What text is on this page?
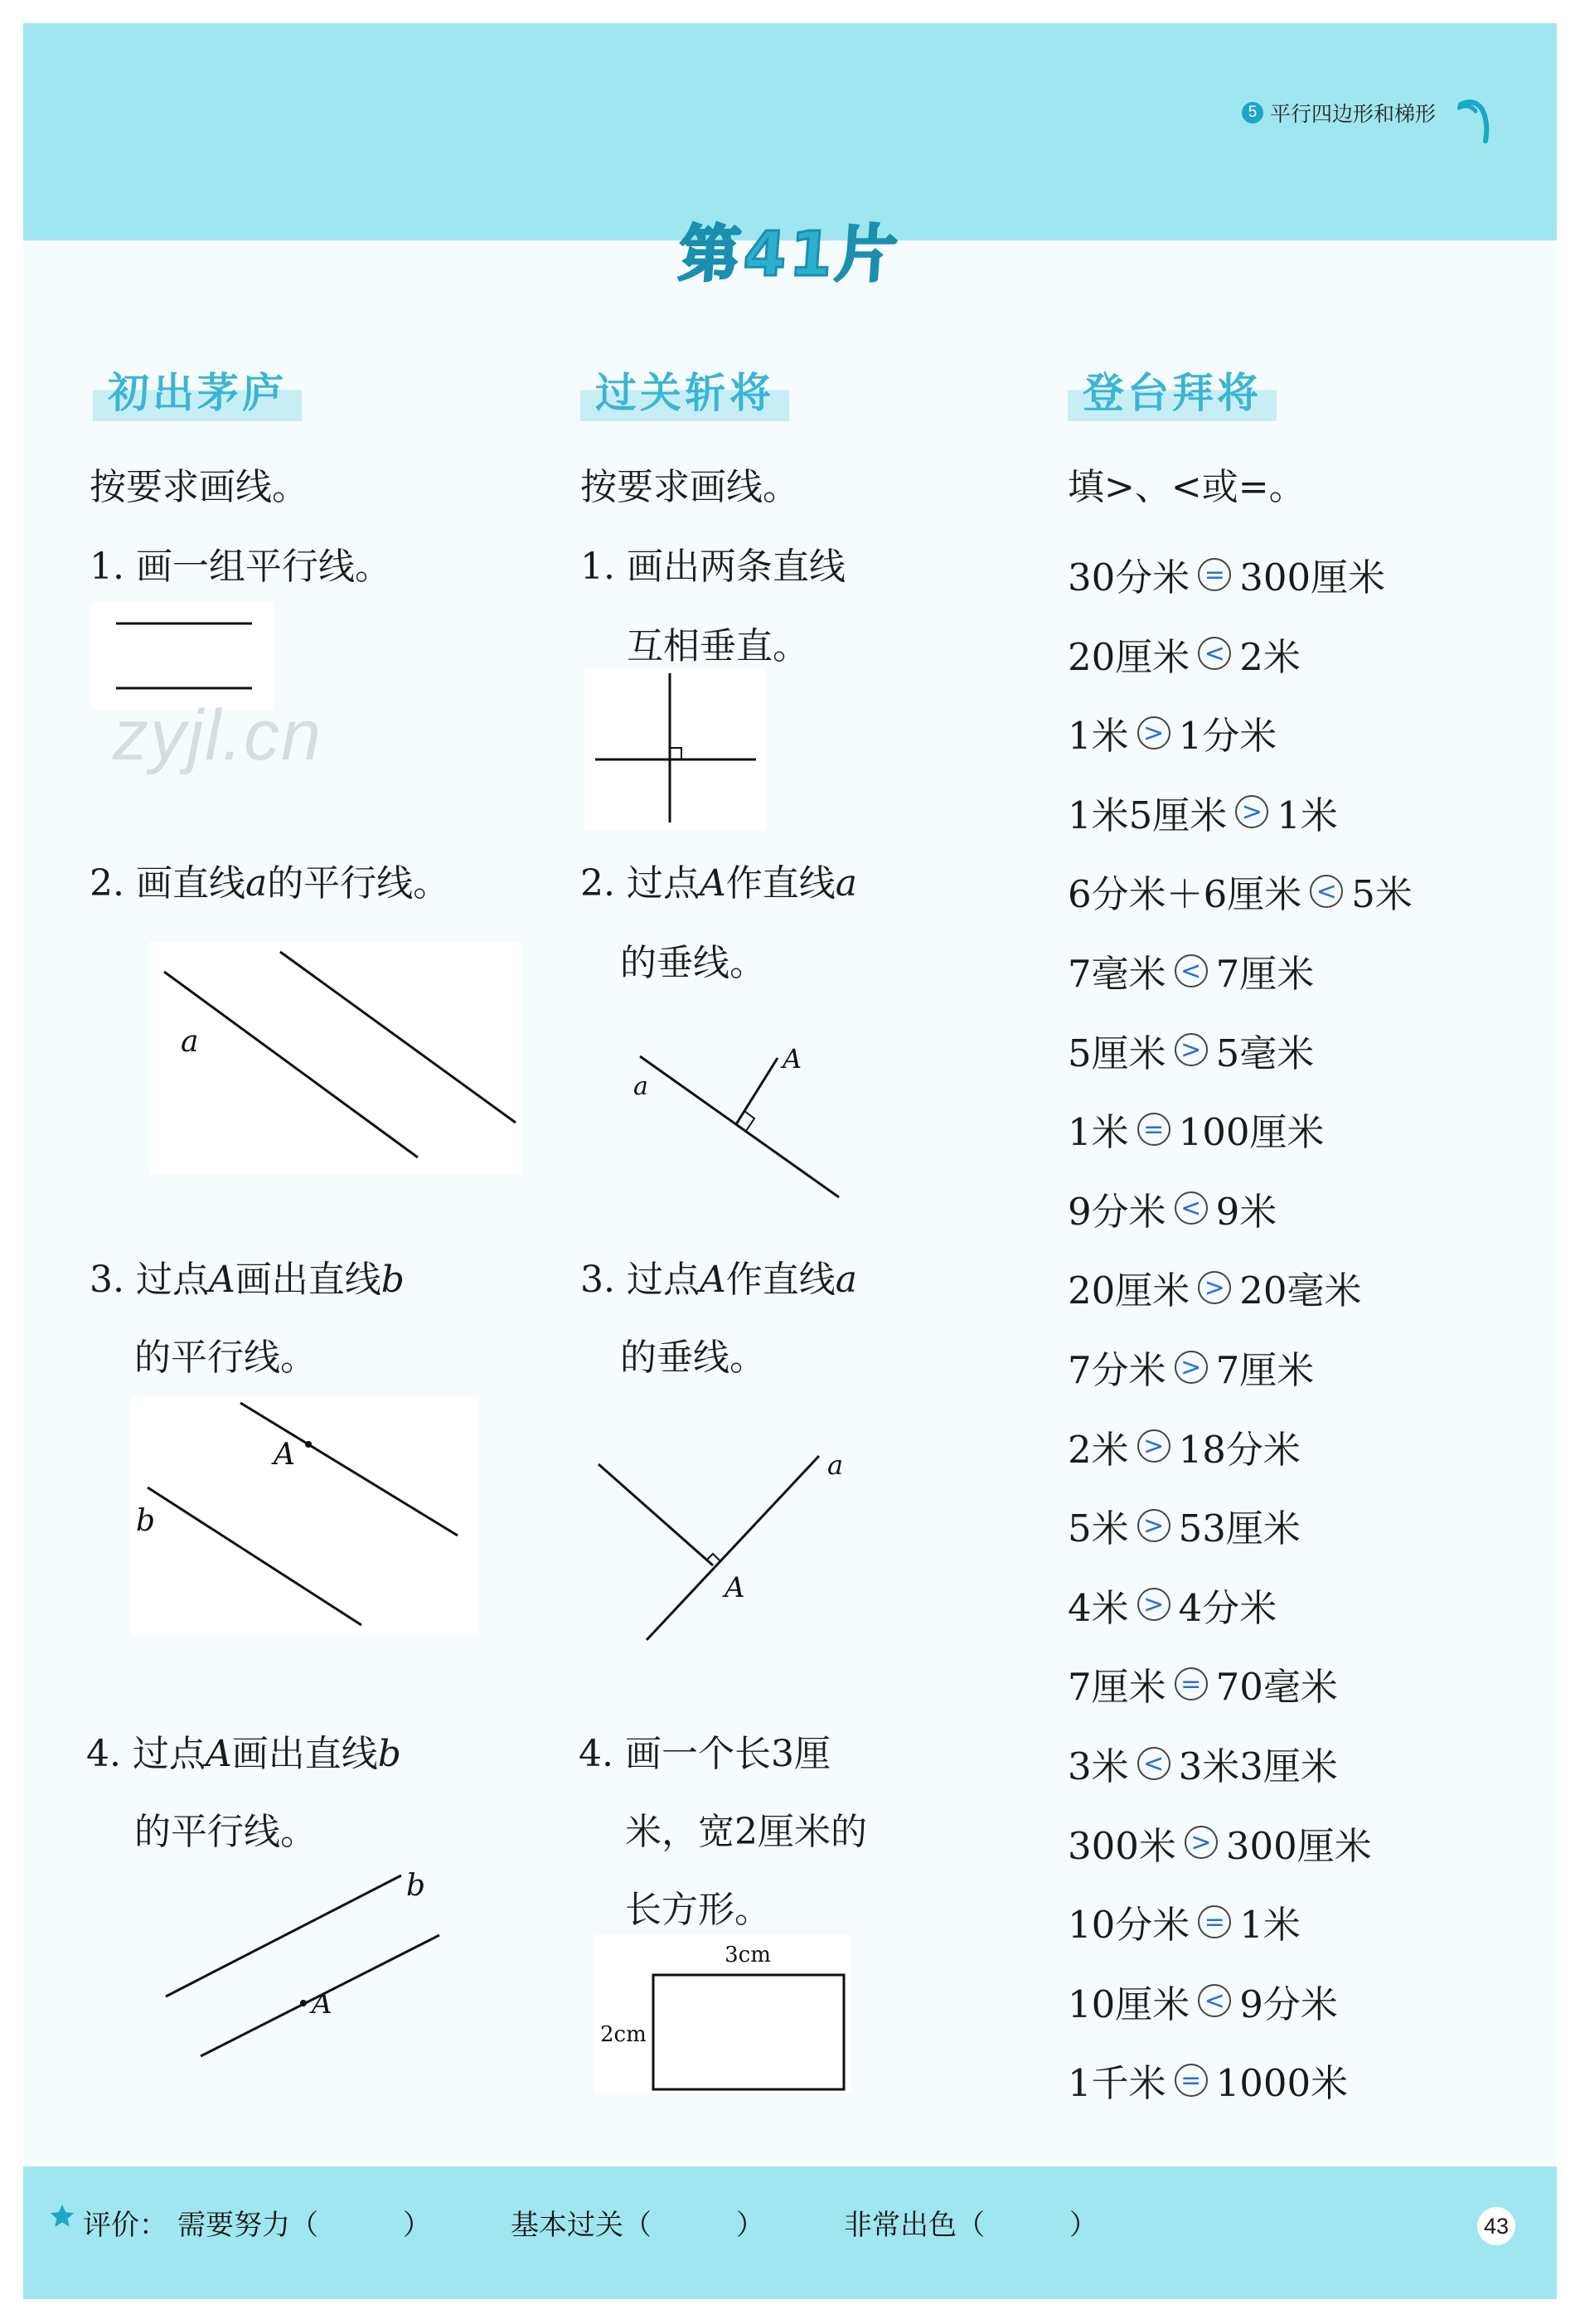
5 平行四边形和梯形
第41片
初出茅庐	过关斩将	登台拜将
按要求画线。
1. 画一组平行线。
zyjl.cn
2. 画直线a的平行线。
a
3. 过点A画出直线b
的平行线。
A
b
4. 过点A画出直线b
的平行线。
A
b
按要求画线。
1. 画出两条直线
互相垂直。
2. 过点A作直线a
的垂线。
A
a
3. 过点A作直线a
的垂线。
A
a
4. 画一个长3厘
米，宽2厘米的
长方形。
3cm
2cm
填>、<或=。
30分米 = 300厘米
20厘米 < 2米
1米 > 1分米
1米5厘米 > 1米
6分米＋6厘米 < 5米
7毫米 < 7厘米
5厘米 > 5毫米
1米 = 100厘米
9分米 < 9米
20厘米 > 20毫米
7分米 > 7厘米
2米 > 18分米
5米 > 53厘米
4米 > 4分米
7厘米 = 70毫米
3米 < 3米3厘米
300米 > 300厘米
10分米 = 1米
10厘米 < 9分米
1千米 = 1000米
评价： 需要努力（　　　）	基本过关（　　　）	非常出色（　　　）	43
